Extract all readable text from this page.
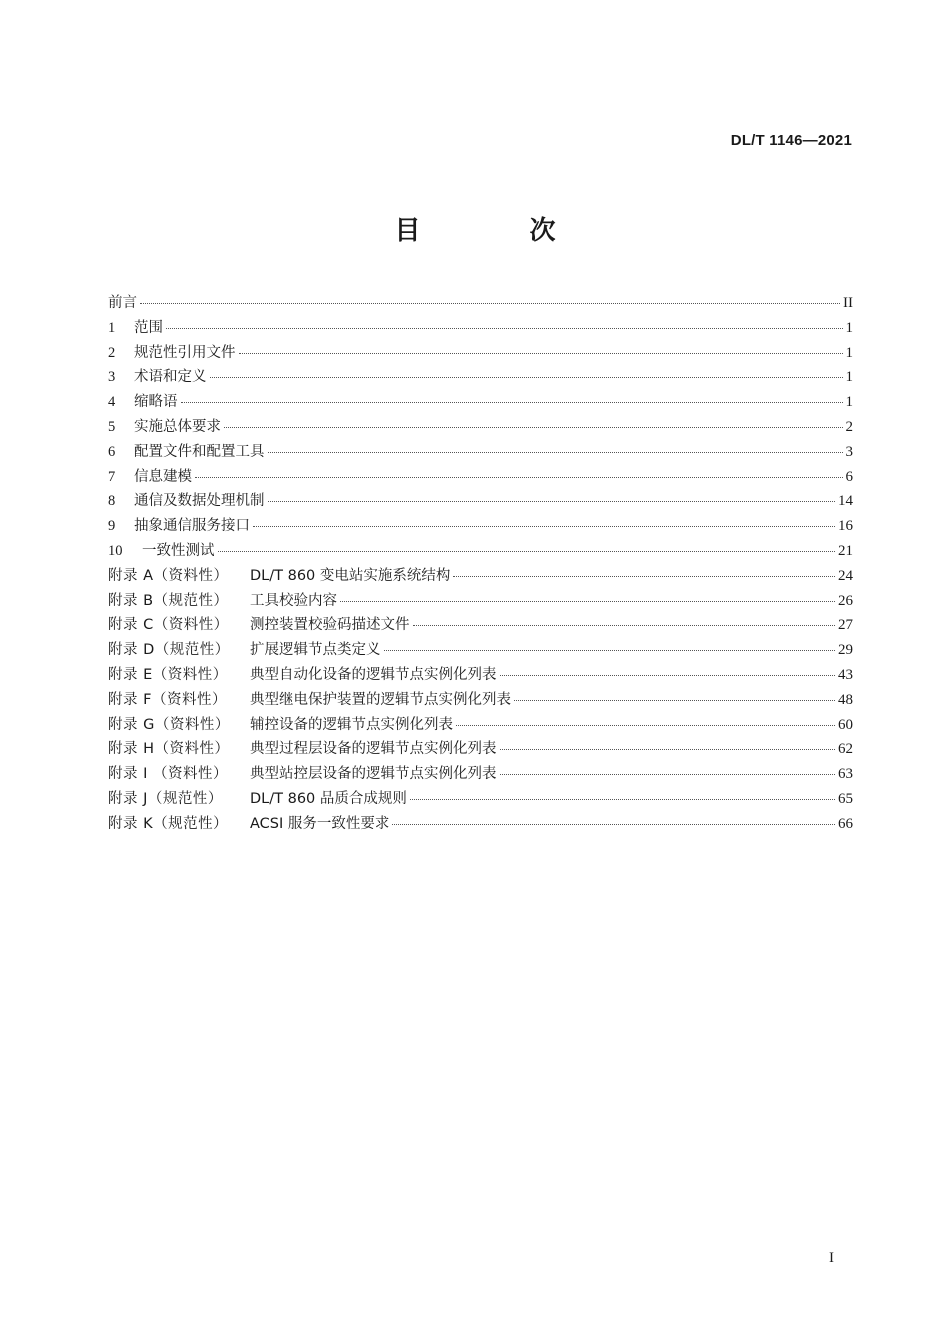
DL/T 1146—2021
目 次
前言	II
1	范围	1
2	规范性引用文件	1
3	术语和定义	1
4	缩略语	1
5	实施总体要求	2
6	配置文件和配置工具	3
7	信息建模	6
8	通信及数据处理机制	14
9	抽象通信服务接口	16
10	一致性测试	21
附录 A（资料性）	DL/T 860 变电站实施系统结构	24
附录 B（规范性）	工具校验内容	26
附录 C（资料性）	测控装置校验码描述文件	27
附录 D（规范性）	扩展逻辑节点类定义	29
附录 E（资料性）	典型自动化设备的逻辑节点实例化列表	43
附录 F（资料性）	典型继电保护装置的逻辑节点实例化列表	48
附录 G（资料性）	辅控设备的逻辑节点实例化列表	60
附录 H（资料性）	典型过程层设备的逻辑节点实例化列表	62
附录 I （资料性）	典型站控层设备的逻辑节点实例化列表	63
附录 J（规范性）	DL/T 860 品质合成规则	65
附录 K（规范性）	ACSI 服务一致性要求	66
I
